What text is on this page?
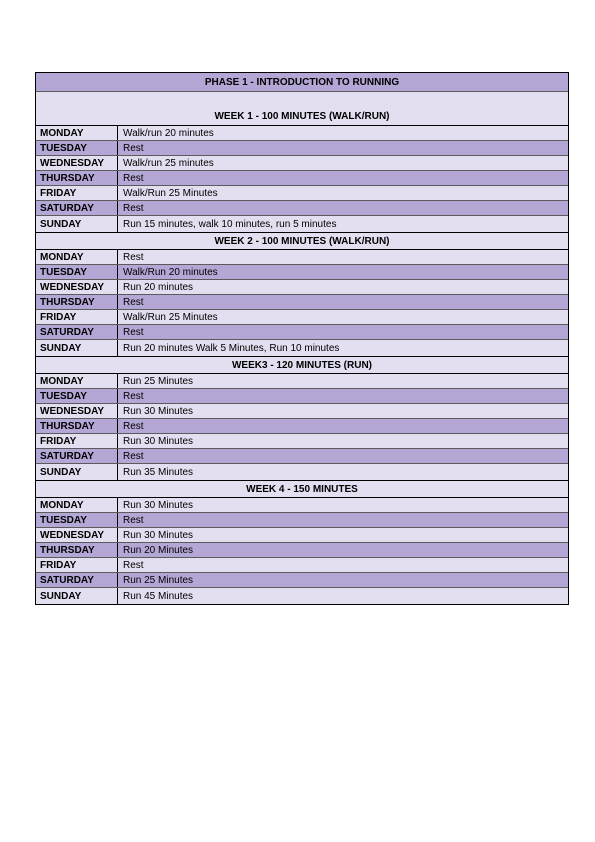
PHASE 1 - INTRODUCTION TO RUNNING
WEEK 1 - 100 MINUTES (WALK/RUN)
MONDAY	Walk/run 20 minutes
TUESDAY	Rest
WEDNESDAY	Walk/run 25 minutes
THURSDAY	Rest
FRIDAY	Walk/Run 25 Minutes
SATURDAY	Rest
SUNDAY	Run 15 minutes, walk 10 minutes, run 5 minutes
WEEK 2 - 100 MINUTES (WALK/RUN)
MONDAY	Rest
TUESDAY	Walk/Run 20 minutes
WEDNESDAY	Run 20 minutes
THURSDAY	Rest
FRIDAY	Walk/Run 25 Minutes
SATURDAY	Rest
SUNDAY	Run 20 minutes Walk 5 Minutes, Run 10 minutes
WEEK3 - 120 MINUTES (RUN)
MONDAY	Run 25 Minutes
TUESDAY	Rest
WEDNESDAY	Run 30 Minutes
THURSDAY	Rest
FRIDAY	Run 30 Minutes
SATURDAY	Rest
SUNDAY	Run 35 Minutes
WEEK 4 - 150 MINUTES
MONDAY	Run 30 Minutes
TUESDAY	Rest
WEDNESDAY	Run 30 Minutes
THURSDAY	Run 20 Minutes
FRIDAY	Rest
SATURDAY	Run 25 Minutes
SUNDAY	Run 45 Minutes
